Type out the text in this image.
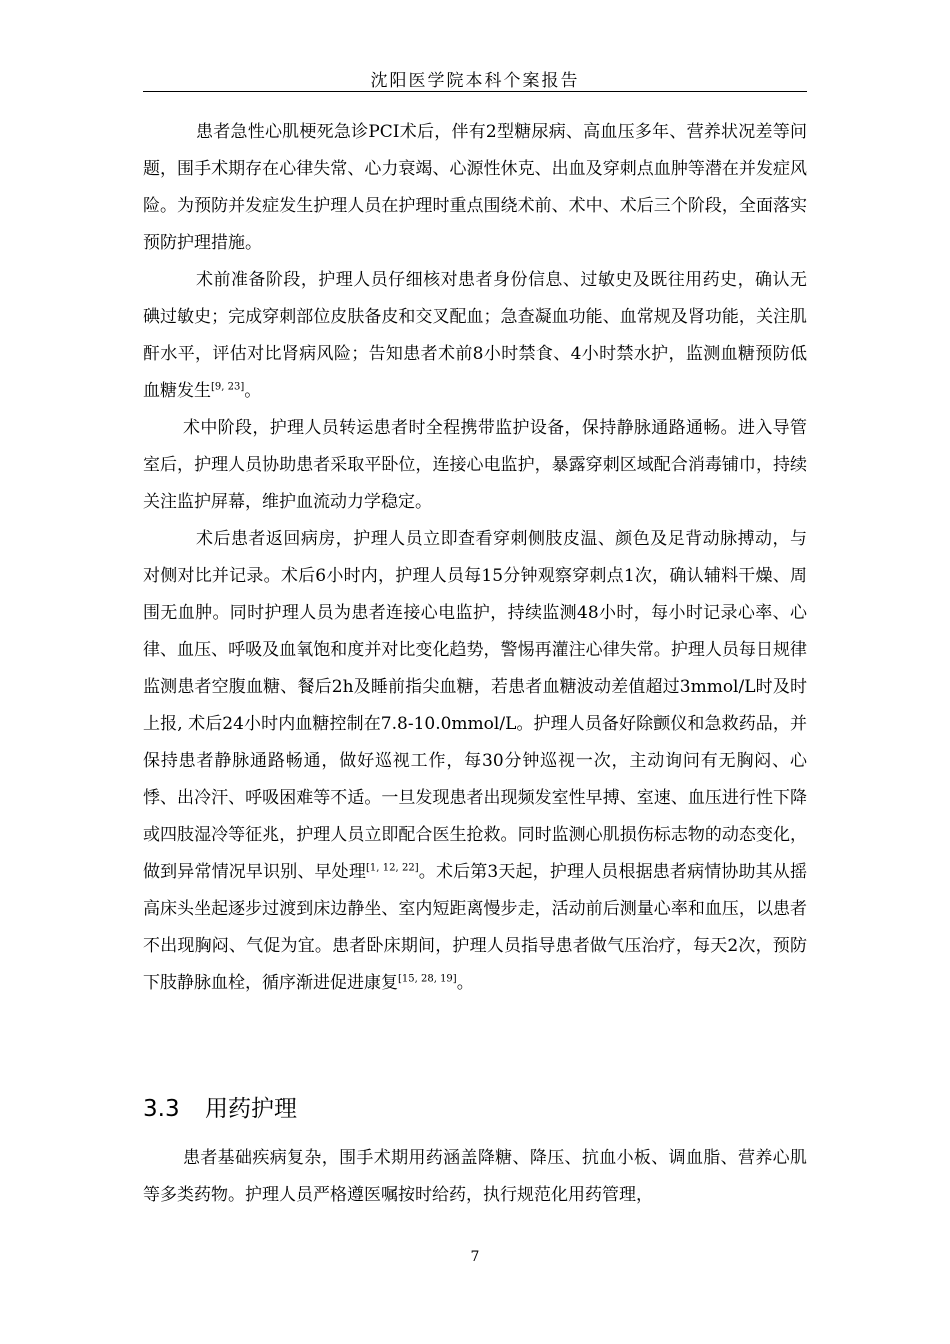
沈阳医学院本科个案报告

患者急性心肌梗死急诊PCI术后，伴有2型糖尿病、高血压多年、营养状况差等问题，围手术期存在心律失常、心力衰竭、心源性休克、出血及穿刺点血肿等潜在并发症风险。为预防并发症发生护理人员在护理时重点围绕术前、术中、术后三个阶段，全面落实预防护理措施。

术前准备阶段，护理人员仔细核对患者身份信息、过敏史及既往用药史，确认无碘过敏史；完成穿刺部位皮肤备皮和交叉配血；急查凝血功能、血常规及肾功能，关注肌酐水平，评估对比肾病风险；告知患者术前8小时禁食、4小时禁水护，监测血糖预防低血糖发生[9, 23]。

术中阶段，护理人员转运患者时全程携带监护设备，保持静脉通路通畅。进入导管室后，护理人员协助患者采取平卧位，连接心电监护，暴露穿刺区域配合消毒铺巾，持续关注监护屏幕，维护血流动力学稳定。

术后患者返回病房，护理人员立即查看穿刺侧肢皮温、颜色及足背动脉搏动，与对侧对比并记录。术后6小时内，护理人员每15分钟观察穿刺点1次，确认辅料干燥、周围无血肿。同时护理人员为患者连接心电监护，持续监测48小时，每小时记录心率、心律、血压、呼吸及血氧饱和度并对比变化趋势，警惕再灌注心律失常。护理人员每日规律监测患者空腹血糖、餐后2h及睡前指尖血糖，若患者血糖波动差值超过3mmol/L时及时上报, 术后24小时内血糖控制在7.8-10.0mmol/L。护理人员备好除颤仪和急救药品，并保持患者静脉通路畅通，做好巡视工作，每30分钟巡视一次，主动询问有无胸闷、心悸、出冷汗、呼吸困难等不适。一旦发现患者出现频发室性早搏、室速、血压进行性下降或四肢湿冷等征兆，护理人员立即配合医生抢救。同时监测心肌损伤标志物的动态变化，做到异常情况早识别、早处理[1, 12, 22]。术后第3天起，护理人员根据患者病情协助其从摇高床头坐起逐步过渡到床边静坐、室内短距离慢步走，活动前后测量心率和血压，以患者不出现胸闷、气促为宜。患者卧床期间，护理人员指导患者做气压治疗，每天2次，预防下肢静脉血栓，循序渐进促进康复[15, 28, 19]。

3.3 用药护理

患者基础疾病复杂，围手术期用药涵盖降糖、降压、抗血小板、调血脂、营养心肌等多类药物。护理人员严格遵医嘱按时给药，执行规范化用药管理，

7
